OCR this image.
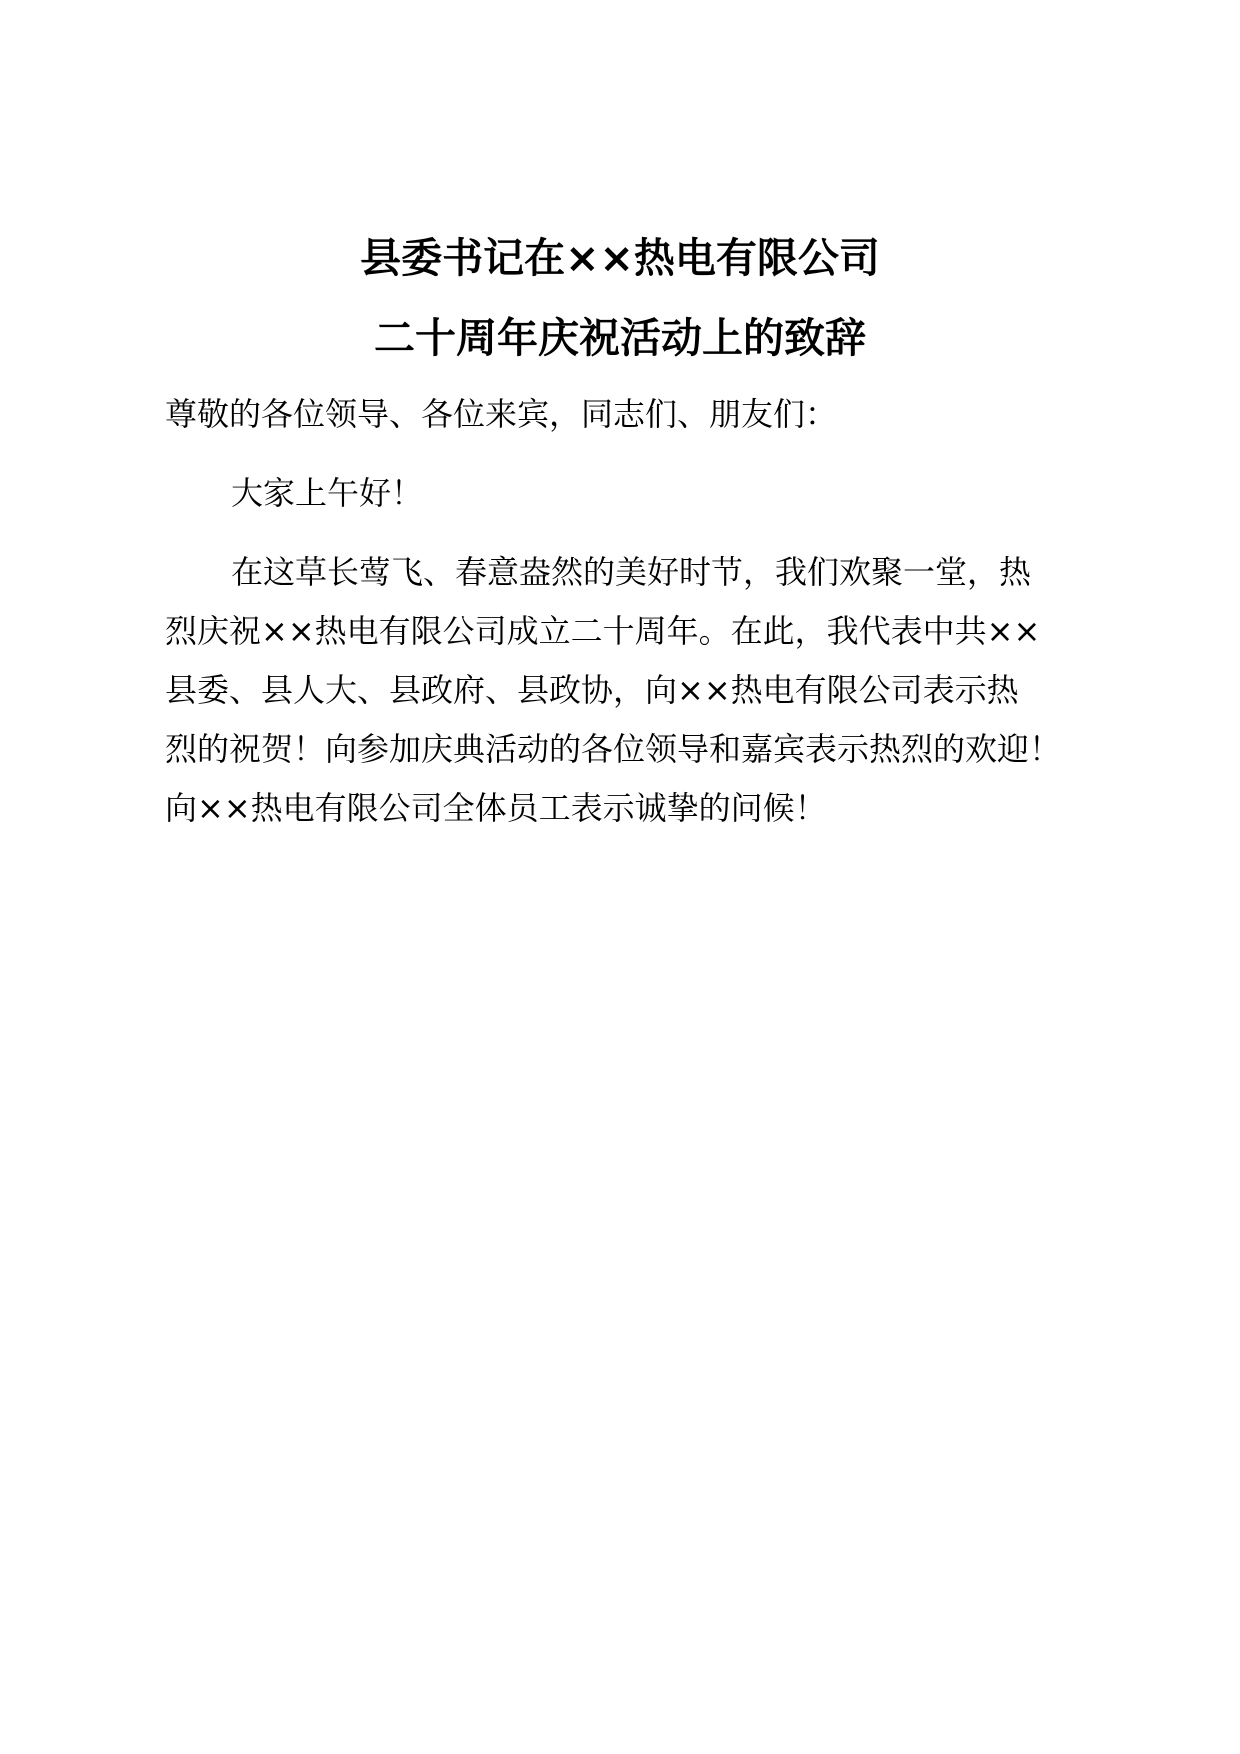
县委书记在××热电有限公司
二十周年庆祝活动上的致辞

尊敬的各位领导、各位来宾，同志们、朋友们：

大家上午好！

在这草长莺飞、春意盎然的美好时节，我们欢聚一堂，热
烈庆祝××热电有限公司成立二十周年。在此，我代表中共××
县委、县人大、县政府、县政协，向××热电有限公司表示热
烈的祝贺！向参加庆典活动的各位领导和嘉宾表示热烈的欢迎！
向××热电有限公司全体员工表示诚挚的问候！
